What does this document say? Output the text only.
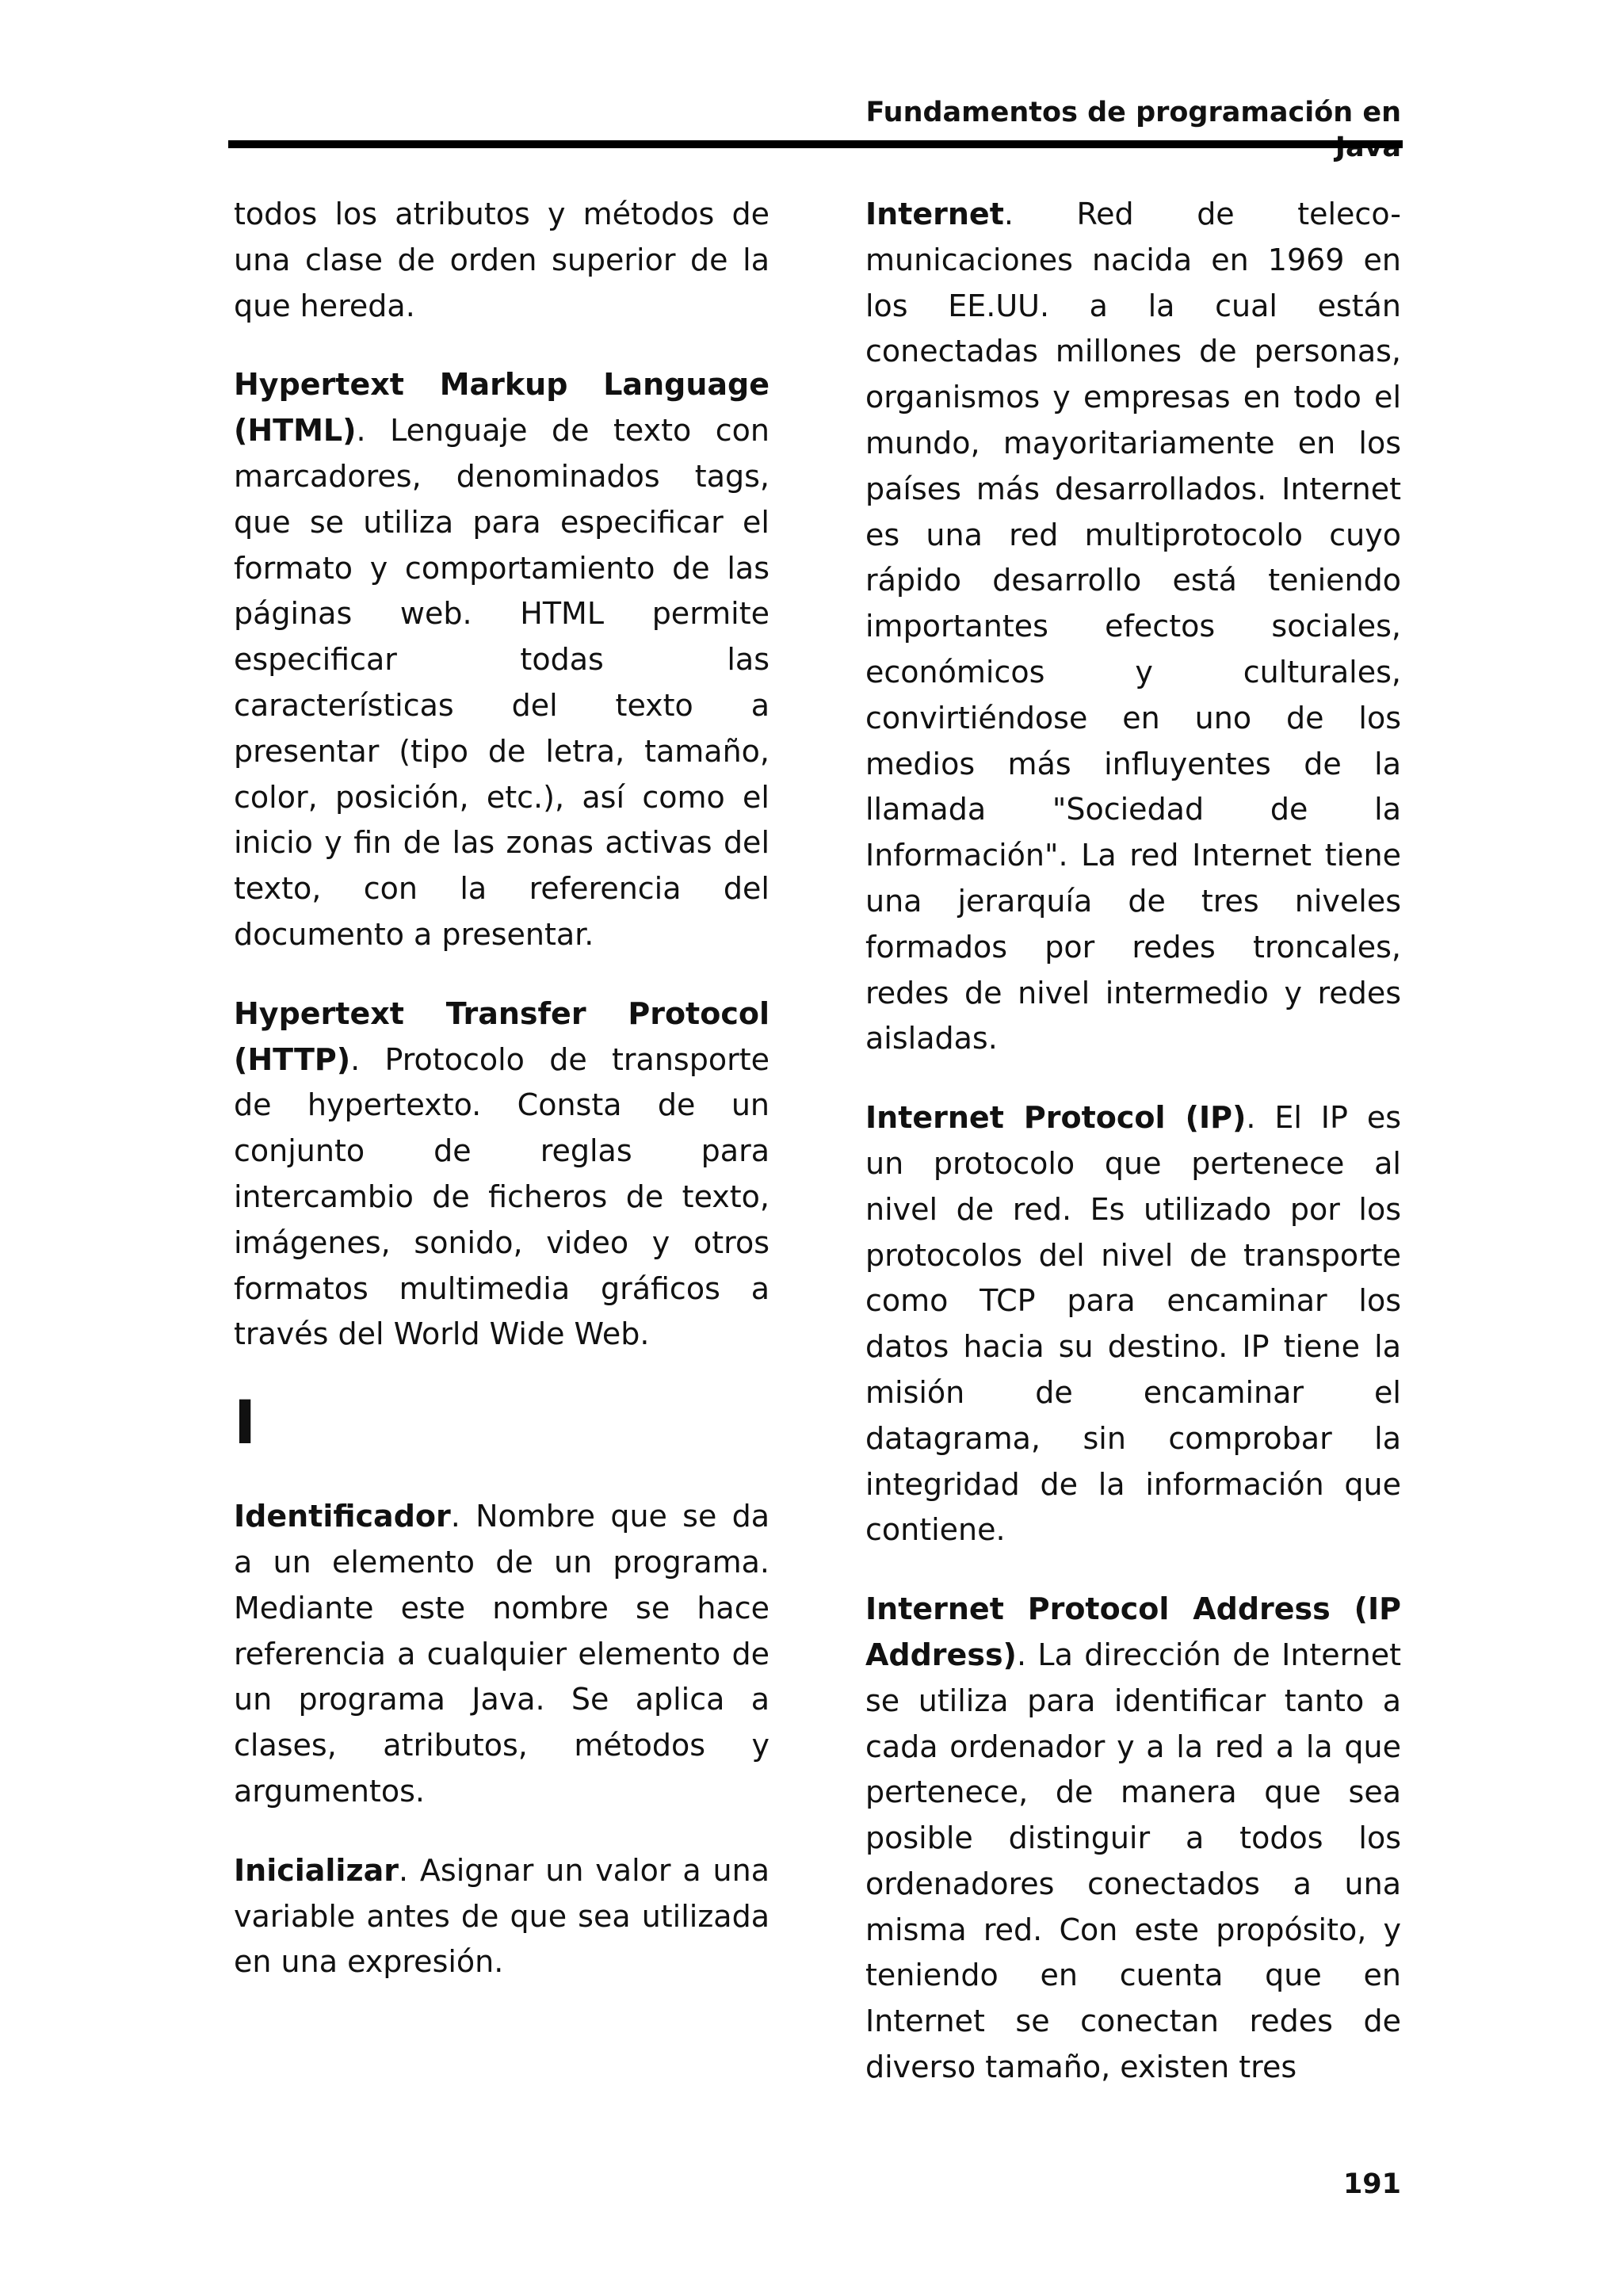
Fundamentos de programación en

todos los atributos y métodos de una clase de orden superior de la que hereda.

Hypertext Markup Language (HTML). Lenguaje de texto con marcadores, denominados tags, que se utiliza para especificar el formato y comportamiento de las páginas web. HTML permite especificar todas las características del texto a presentar (tipo de letra, tamaño, color, posición, etc.), así como el inicio y fin de las zonas activas del texto, con la referencia del documento a presentar.

Hypertext Transfer Protocol (HTTP). Protocolo de transporte de hypertexto. Consta de un conjunto de reglas para intercambio de ficheros de texto, imágenes, sonido, video y otros formatos multimedia gráficos a través del World Wide Web.

I

Identificador. Nombre que se da a un elemento de un programa. Mediante este nombre se hace referencia a cualquier elemento de un programa Java. Se aplica a clases, atributos, métodos y argumentos.

Inicializar. Asignar un valor a una variable antes de que sea utilizada en una expresión.

Internet. Red de teleco-municaciones nacida en 1969 en los EE.UU. a la cual están conectadas millones de personas, organismos y empresas en todo el mundo, mayoritariamente en los países más desarrollados. Internet es una red multiprotocolo cuyo rápido desarrollo está teniendo importantes efectos sociales, económicos y culturales, convirtiéndose en uno de los medios más influyentes de la llamada "Sociedad de la Información". La red Internet tiene una jerarquía de tres niveles formados por redes troncales, redes de nivel intermedio y redes aisladas.

Internet Protocol (IP). El IP es un protocolo que pertenece al nivel de red. Es utilizado por los protocolos del nivel de transporte como TCP para encaminar los datos hacia su destino. IP tiene la misión de encaminar el datagrama, sin comprobar la integridad de la información que contiene.

Internet Protocol Address (IP Address). La dirección de Internet se utiliza para identificar tanto a cada ordenador y a la red a la que pertenece, de manera que sea posible distinguir a todos los ordenadores conectados a una misma red. Con este propósito, y teniendo en cuenta que en Internet se conectan redes de diverso tamaño, existen tres

191
